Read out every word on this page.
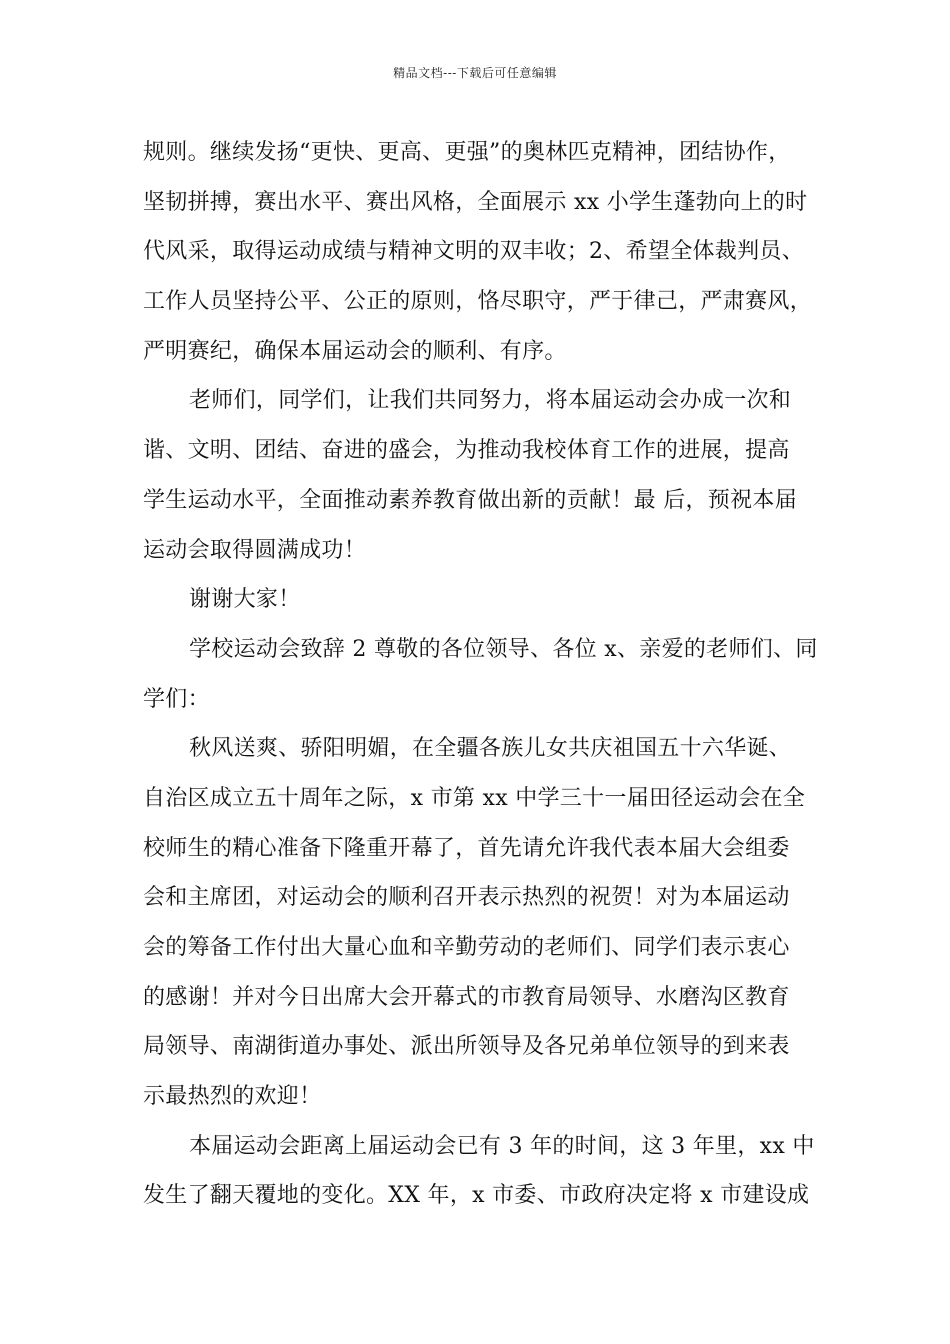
精品文档---下载后可任意编辑
规则。继续发扬“更快、更高、更强”的奥林匹克精神，团结协作，
坚韧拼搏，赛出水平、赛出风格，全面展示 xx 小学生蓬勃向上的时
代风采，取得运动成绩与精神文明的双丰收；2、希望全体裁判员、
工作人员坚持公平、公正的原则，恪尽职守，严于律己，严肃赛风，
严明赛纪，确保本届运动会的顺利、有序。
老师们，同学们，让我们共同努力，将本届运动会办成一次和
谐、文明、团结、奋进的盛会，为推动我校体育工作的进展，提高
学生运动水平，全面推动素养教育做出新的贡献！最 后，预祝本届
运动会取得圆满成功！
谢谢大家！
学校运动会致辞 2 尊敬的各位领导、各位 x、亲爱的老师们、同
学们：
秋风送爽、骄阳明媚，在全疆各族儿女共庆祖国五十六华诞、
自治区成立五十周年之际，x 市第 xx 中学三十一届田径运动会在全
校师生的精心准备下隆重开幕了，首先请允许我代表本届大会组委
会和主席团，对运动会的顺利召开表示热烈的祝贺！对为本届运动
会的筹备工作付出大量心血和辛勤劳动的老师们、同学们表示衷心
的感谢！并对今日出席大会开幕式的市教育局领导、水磨沟区教育
局领导、南湖街道办事处、派出所领导及各兄弟单位领导的到来表
示最热烈的欢迎！
本届运动会距离上届运动会已有 3 年的时间，这 3 年里，xx 中
发生了翻天覆地的变化。XX 年，x 市委、市政府决定将 x 市建设成
